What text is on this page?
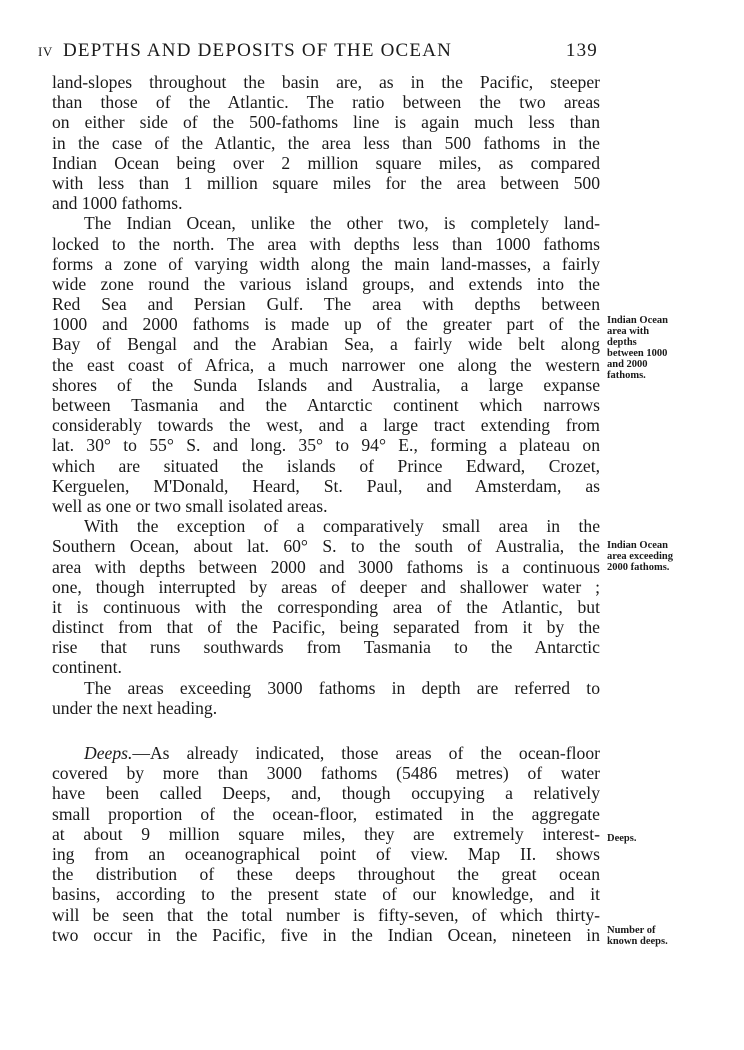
IV DEPTHS AND DEPOSITS OF THE OCEAN	139
land-slopes throughout the basin are, as in the Pacific, steeper
than those of the Atlantic. The ratio between the two areas
on either side of the 500-fathoms line is again much less than
in the case of the Atlantic, the area less than 500 fathoms in the
Indian Ocean being over 2 million square miles, as compared
with less than 1 million square miles for the area between 500
and 1000 fathoms.
The Indian Ocean, unlike the other two, is completely land-
locked to the north. The area with depths less than 1000 fathoms
forms a zone of varying width along the main land-masses, a fairly
wide zone round the various island groups, and extends into the
Red Sea and Persian Gulf. The area with depths between
1000 and 2000 fathoms is made up of the greater part of the
Bay of Bengal and the Arabian Sea, a fairly wide belt along
the east coast of Africa, a much narrower one along the western
shores of the Sunda Islands and Australia, a large expanse
between Tasmania and the Antarctic continent which narrows
considerably towards the west, and a large tract extending from
lat. 30° to 55° S. and long. 35° to 94° E., forming a plateau on
which are situated the islands of Prince Edward, Crozet,
Kerguelen, M'Donald, Heard, St. Paul, and Amsterdam, as
well as one or two small isolated areas.
With the exception of a comparatively small area in the
Southern Ocean, about lat. 60° S. to the south of Australia, the
area with depths between 2000 and 3000 fathoms is a continuous
one, though interrupted by areas of deeper and shallower water ;
it is continuous with the corresponding area of the Atlantic, but
distinct from that of the Pacific, being separated from it by the
rise that runs southwards from Tasmania to the Antarctic
continent.
The areas exceeding 3000 fathoms in depth are referred to
under the next heading.
Deeps.—As already indicated, those areas of the ocean-floor
covered by more than 3000 fathoms (5486 metres) of water
have been called Deeps, and, though occupying a relatively
small proportion of the ocean-floor, estimated in the aggregate
at about 9 million square miles, they are extremely interest-
ing from an oceanographical point of view. Map II. shows
the distribution of these deeps throughout the great ocean
basins, according to the present state of our knowledge, and it
will be seen that the total number is fifty-seven, of which thirty-
two occur in the Pacific, five in the Indian Ocean, nineteen in
Indian Ocean
area with
depths
between 1000
and 2000
fathoms.
Indian Ocean
area exceeding
2000 fathoms.
Deeps.
Number of
known deeps.
